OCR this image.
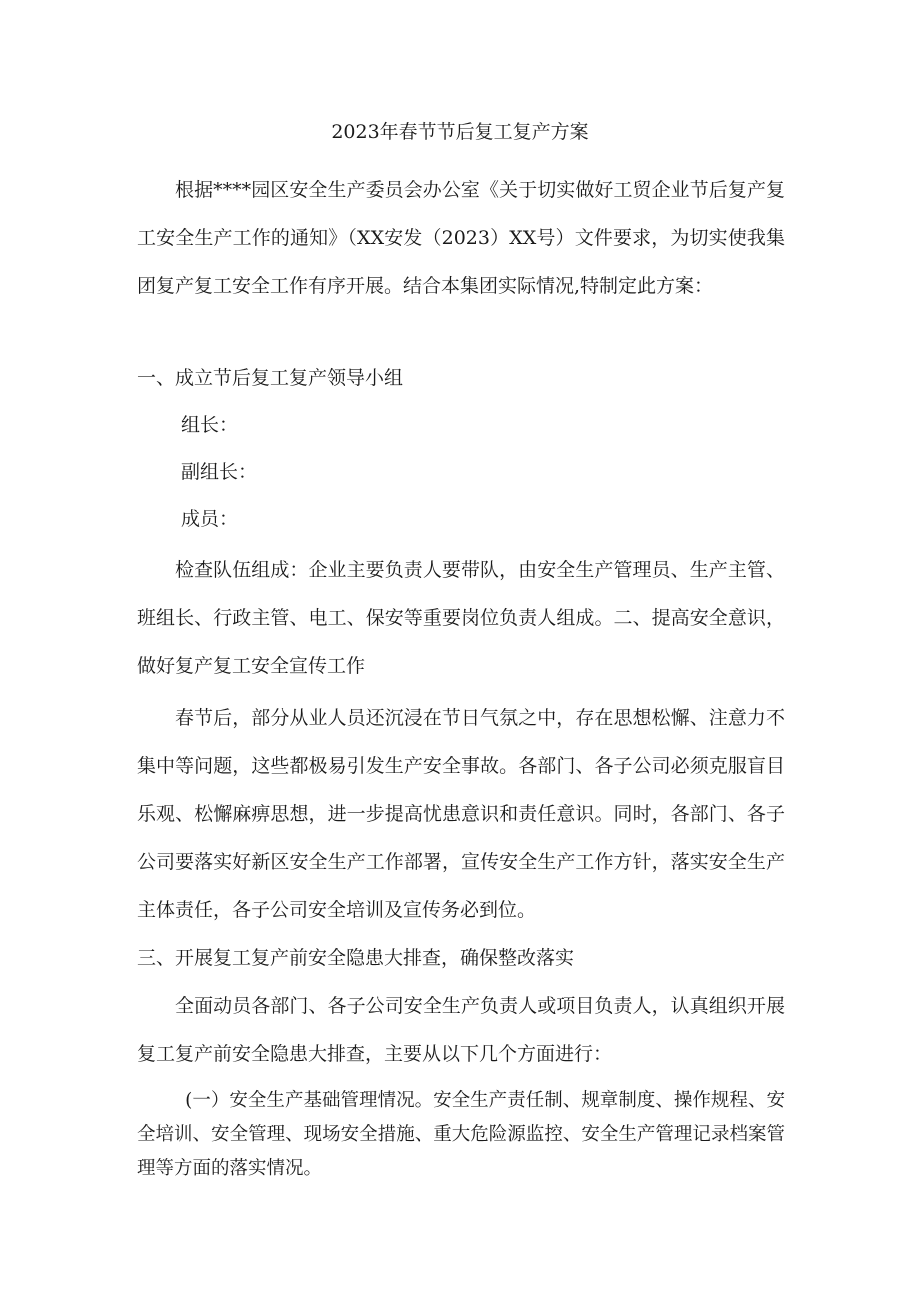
2023年春节节后复工复产方案
根据****园区安全生产委员会办公室《关于切实做好工贸企业节后复产复工安全生产工作的通知》（XX安发（2023）XX号）文件要求，为切实使我集团复产复工安全工作有序开展。结合本集团实际情况,特制定此方案：
一、成立节后复工复产领导小组
组长：
副组长：
成员：
检查队伍组成：企业主要负责人要带队，由安全生产管理员、生产主管、班组长、行政主管、电工、保安等重要岗位负责人组成。二、提高安全意识，做好复产复工安全宣传工作
春节后，部分从业人员还沉浸在节日气氛之中，存在思想松懈、注意力不集中等问题，这些都极易引发生产安全事故。各部门、各子公司必须克服盲目乐观、松懈麻痹思想，进一步提高忧患意识和责任意识。同时，各部门、各子公司要落实好新区安全生产工作部署，宣传安全生产工作方针，落实安全生产主体责任，各子公司安全培训及宣传务必到位。
三、开展复工复产前安全隐患大排查，确保整改落实
全面动员各部门、各子公司安全生产负责人或项目负责人，认真组织开展复工复产前安全隐患大排查，主要从以下几个方面进行：
(一）安全生产基础管理情况。安全生产责任制、规章制度、操作规程、安全培训、安全管理、现场安全措施、重大危险源监控、安全生产管理记录档案管理等方面的落实情况。
